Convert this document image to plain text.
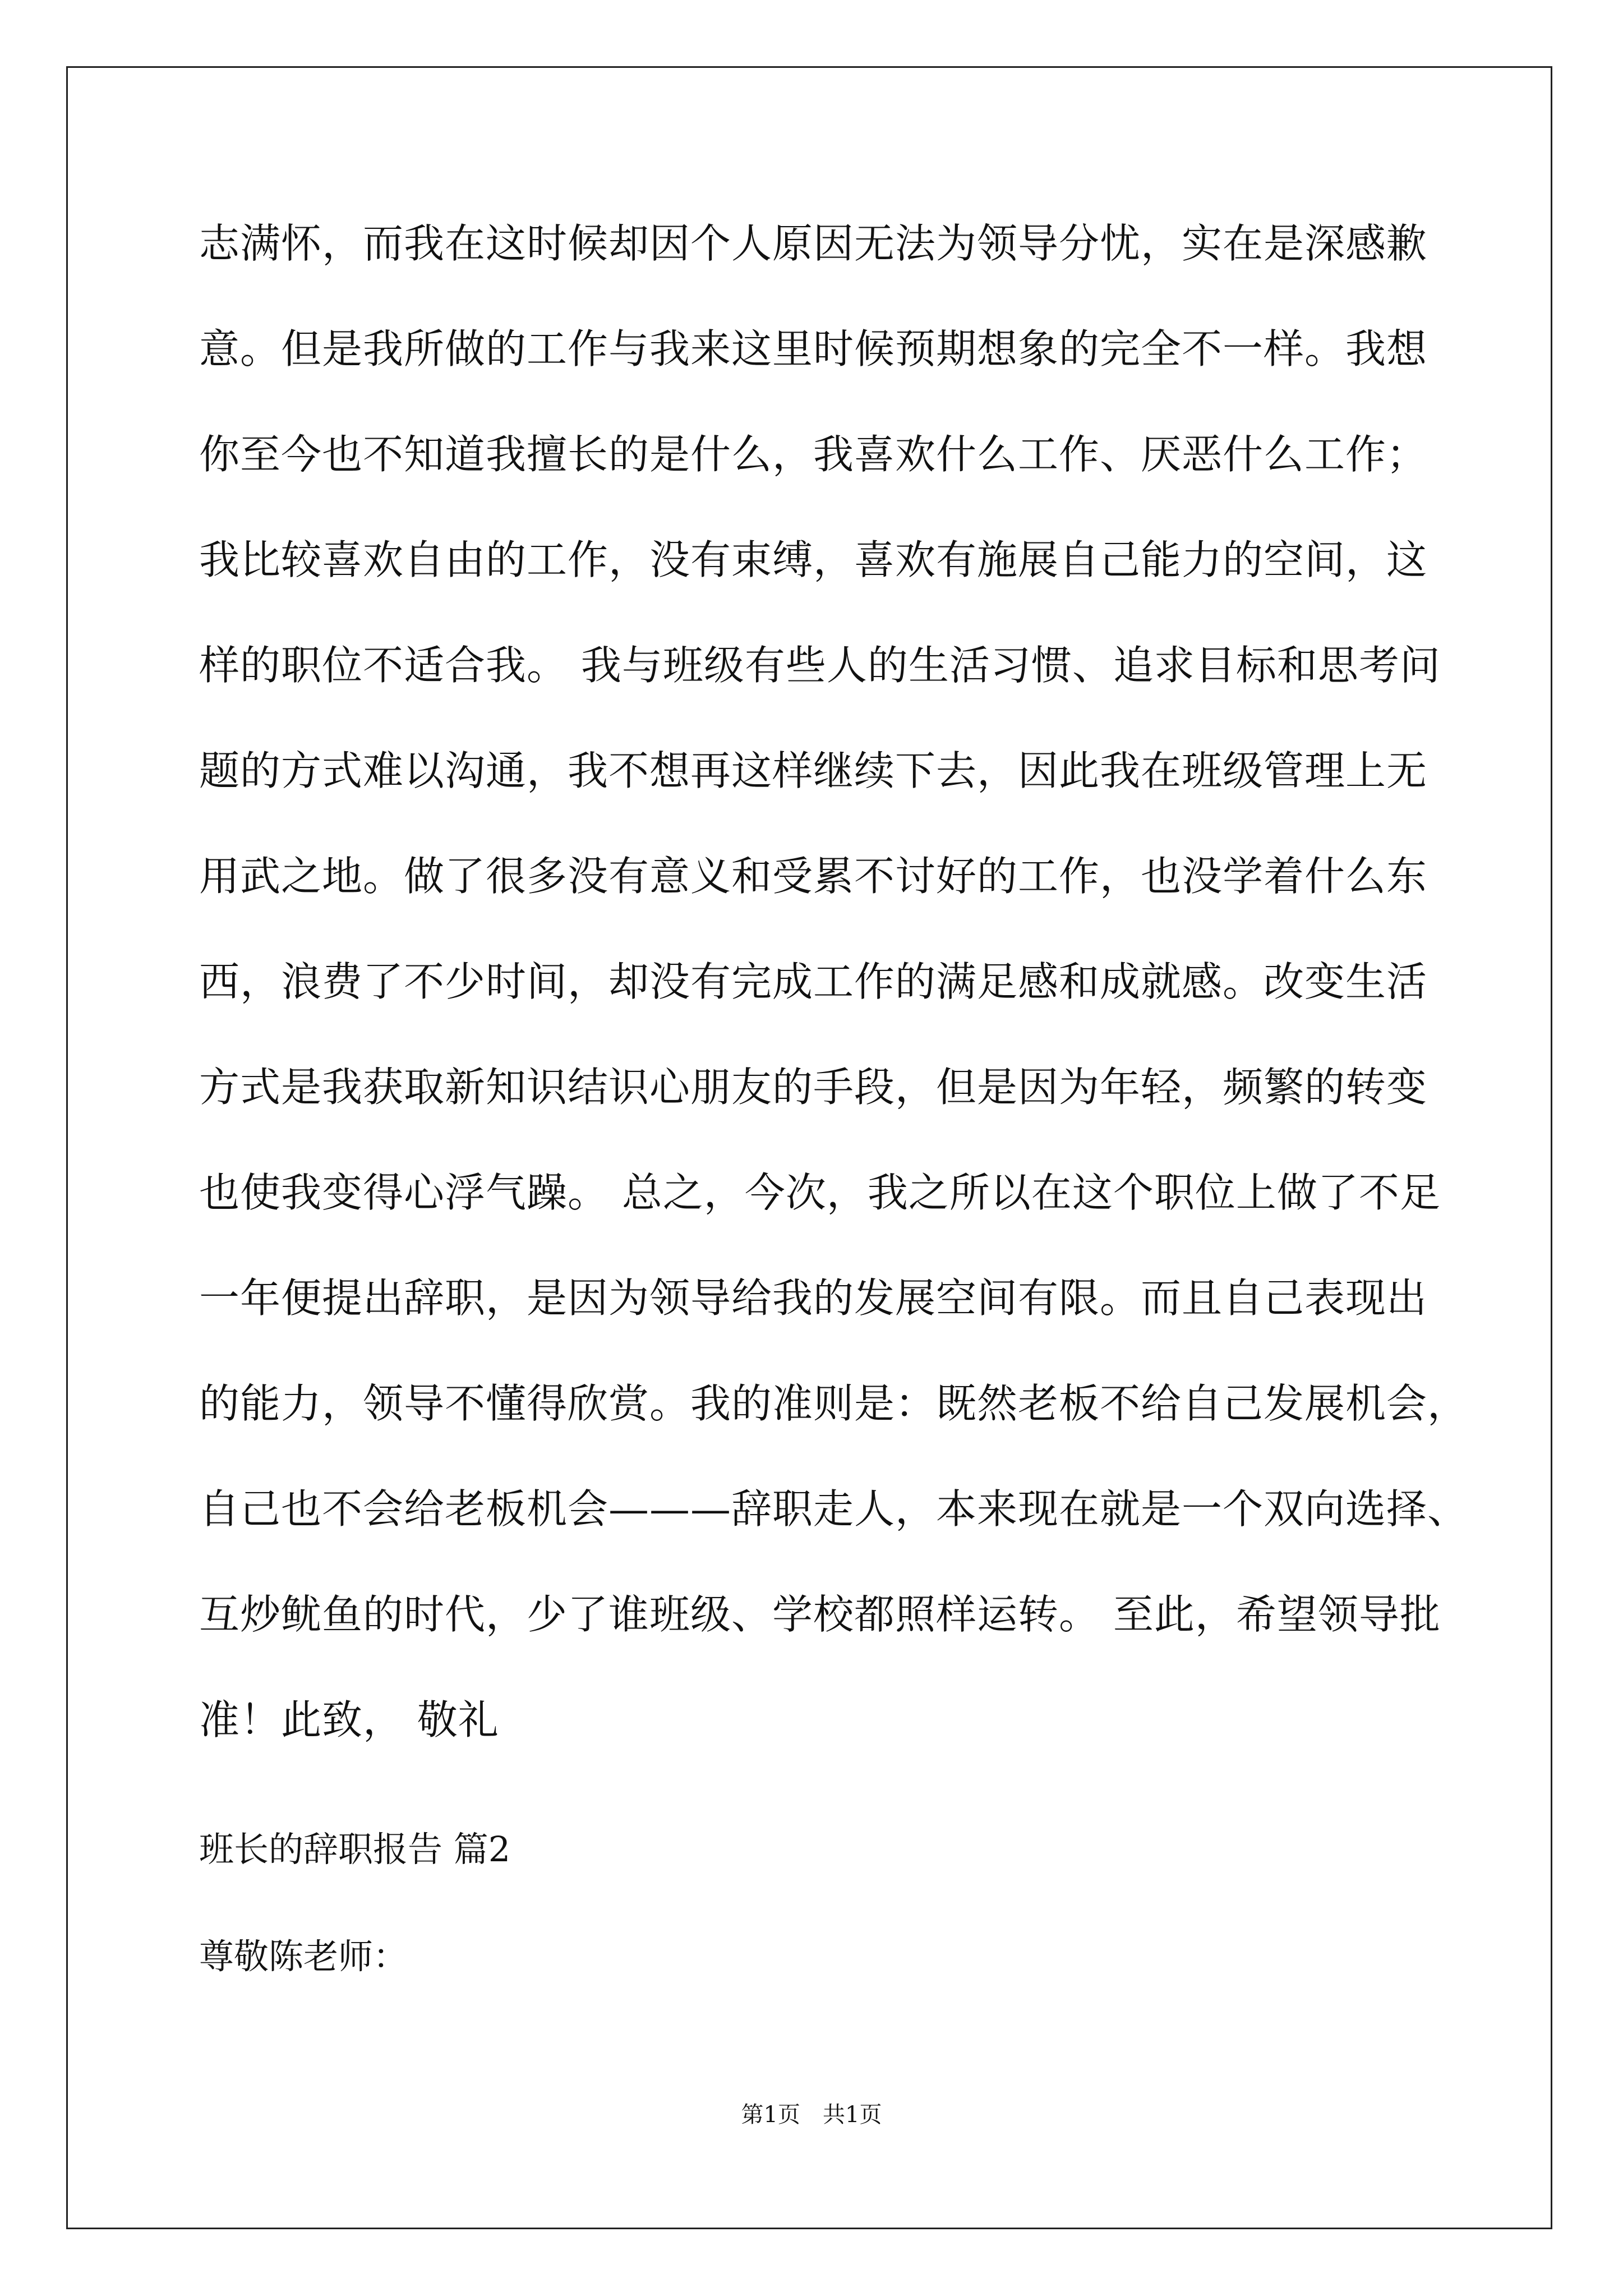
志满怀，而我在这时候却因个人原因无法为领导分忧，实在是深感歉
意。但是我所做的工作与我来这里时候预期想象的完全不一样。我想
你至今也不知道我擅长的是什么，我喜欢什么工作、厌恶什么工作；
我比较喜欢自由的工作，没有束缚，喜欢有施展自己能力的空间，这
样的职位不适合我。 我与班级有些人的生活习惯、追求目标和思考问
题的方式难以沟通，我不想再这样继续下去，因此我在班级管理上无
用武之地。做了很多没有意义和受累不讨好的工作，也没学着什么东
西，浪费了不少时间，却没有完成工作的满足感和成就感。改变生活
方式是我获取新知识结识心朋友的手段，但是因为年轻，频繁的转变
也使我变得心浮气躁。 总之，今次，我之所以在这个职位上做了不足
一年便提出辞职，是因为领导给我的发展空间有限。而且自己表现出
的能力，领导不懂得欣赏。我的准则是：既然老板不给自己发展机会，
自己也不会给老板机会———辞职走人，本来现在就是一个双向选择、
互炒鱿鱼的时代，少了谁班级、学校都照样运转。 至此，希望领导批
准！此致， 敬礼
班长的辞职报告 篇2
尊敬陈老师：
第1页　共1页
